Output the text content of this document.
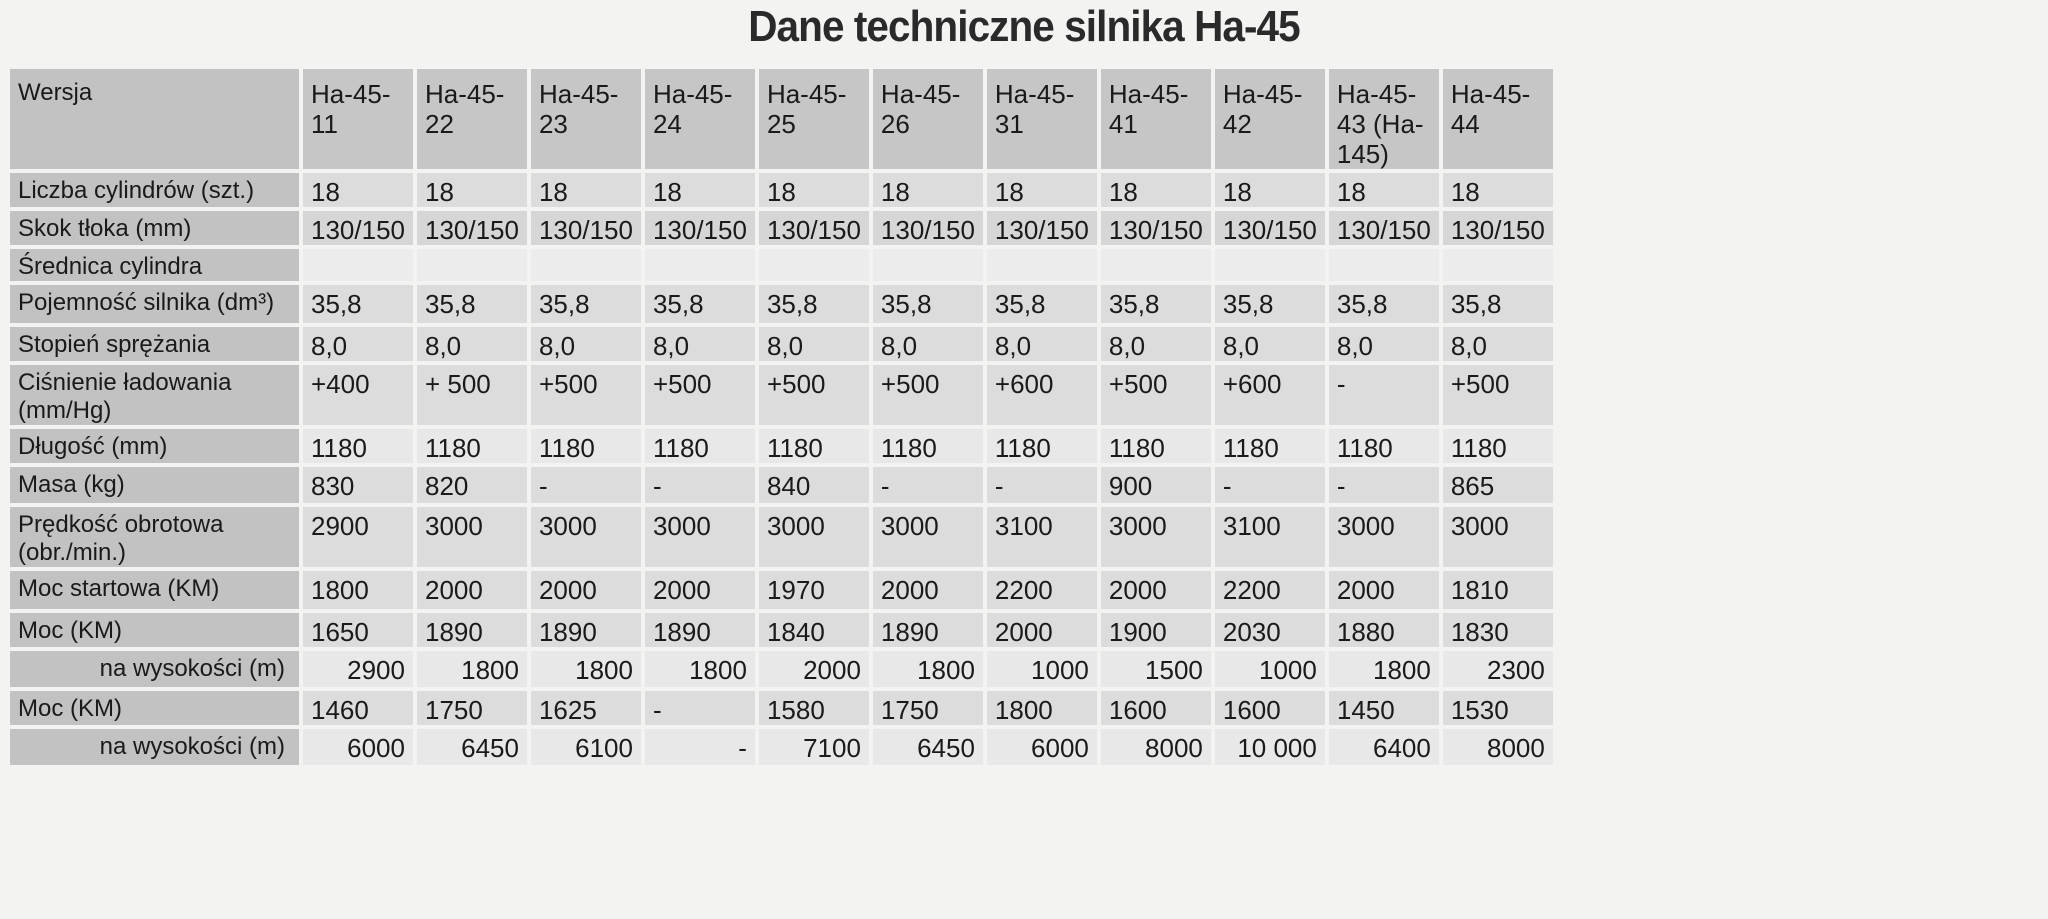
Dane techniczne silnika Ha-45
Wersja	Ha-45-11	Ha-45-22	Ha-45-23	Ha-45-24	Ha-45-25	Ha-45-26	Ha-45-31	Ha-45-41	Ha-45-42	Ha-45-43 (Ha-145)	Ha-45-44
Liczba cylindrów (szt.)	18	18	18	18	18	18	18	18	18	18	18
Skok tłoka (mm)	130/150	130/150	130/150	130/150	130/150	130/150	130/150	130/150	130/150	130/150	130/150
Średnica cylindra											
Pojemność silnika (dm³)	35,8	35,8	35,8	35,8	35,8	35,8	35,8	35,8	35,8	35,8	35,8
Stopień sprężania	8,0	8,0	8,0	8,0	8,0	8,0	8,0	8,0	8,0	8,0	8,0
Ciśnienie ładowania (mm/Hg)	+400	+ 500	+500	+500	+500	+500	+600	+500	+600	-	+500
Długość (mm)	1180	1180	1180	1180	1180	1180	1180	1180	1180	1180	1180
Masa (kg)	830	820	-	-	840	-	-	900	-	-	865
Prędkość obrotowa (obr./min.)	2900	3000	3000	3000	3000	3000	3100	3000	3100	3000	3000
Moc startowa (KM)	1800	2000	2000	2000	1970	2000	2200	2000	2200	2000	1810
Moc (KM)	1650	1890	1890	1890	1840	1890	2000	1900	2030	1880	1830
na wysokości (m)	2900	1800	1800	1800	2000	1800	1000	1500	1000	1800	2300
Moc (KM)	1460	1750	1625	-	1580	1750	1800	1600	1600	1450	1530
na wysokości (m)	6000	6450	6100	-	7100	6450	6000	8000	10 000	6400	8000
